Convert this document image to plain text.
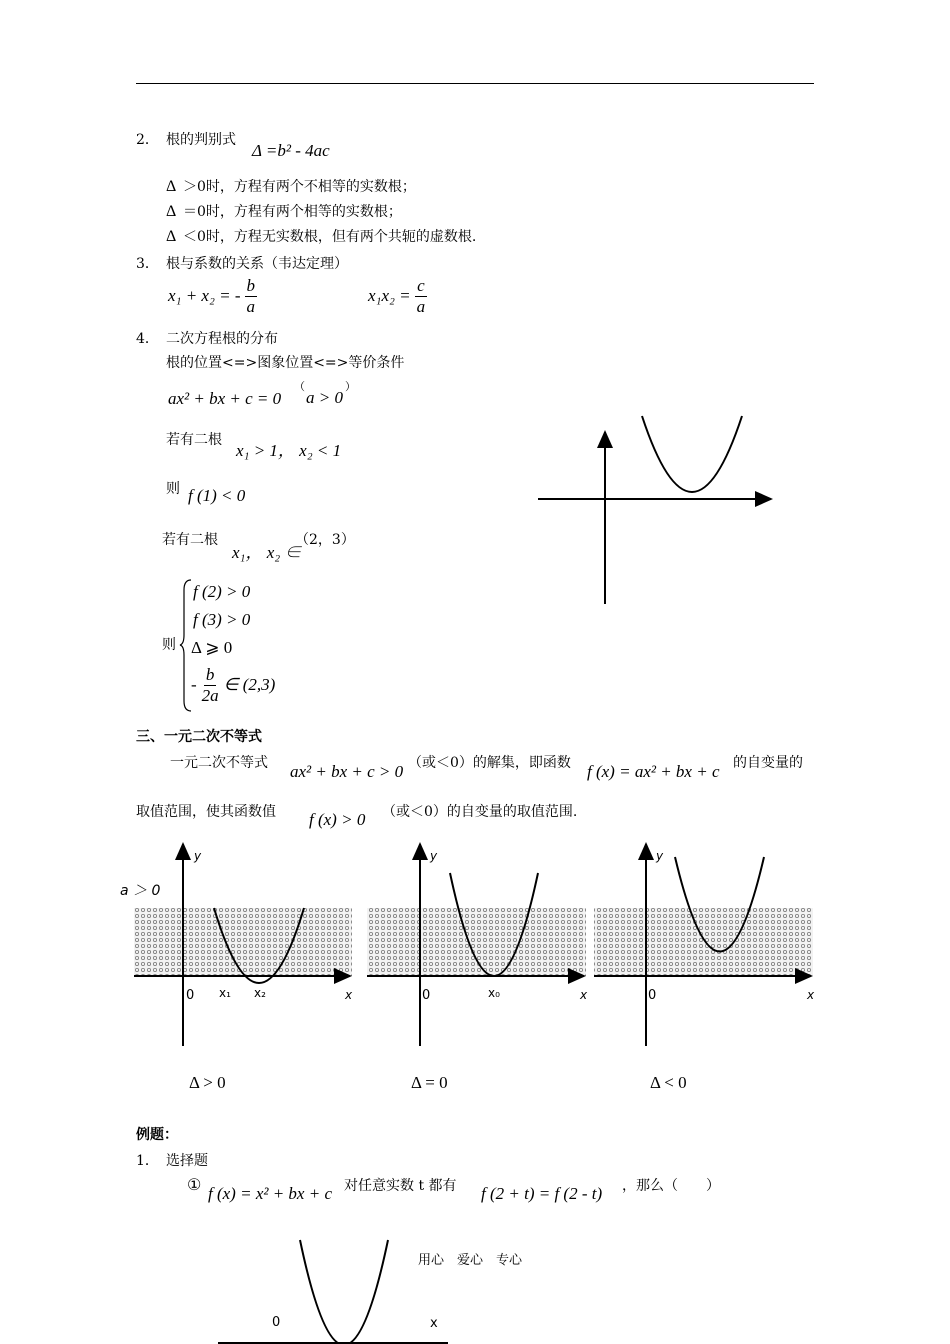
2． 根的判别式
Δ =b² - 4ac
Δ ＞0时，方程有两个不相等的实数根；
Δ ＝0时，方程有两个相等的实数根；
Δ ＜0时，方程无实数根，但有两个共轭的虚数根.
3． 根与系数的关系（韦达定理）
x₁ + x₂ = - $\frac{b}{a}$	$x_1x_2 = \frac{c}{a}$
4． 二次方程根的分布
根的位置<=>图象位置<=>等价条件
ax² + bx + c = 0
（
a > 0
）
若有二根
x₁ > 1， x₂ < 1
则 f (1) < 0
若有二根
x₁， x₂ ∈
（2，3）
则
f (2) > 0
f (3) > 0
Δ ⩾ 0
- $\frac{b}{2a}$ ∈ (2,3)
三、一元二次不等式
一元二次不等式 ax² + bx + c > 0 （或＜0）的解集，即函数 f (x) = ax² + bx + c 的自变量的
取值范围，使其函数值 f (x) > 0 （或＜0）的自变量的取值范围.
a ＞ 0
y
x
0 x₁ x₂
y
x
0	x₀
y
x
0
Δ > 0	Δ = 0	Δ < 0
例题：
1． 选择题
① f (x) = x² + bx + c 对任意实数 t 都有 f (2 + t) = f (2 - t) ，那么（　　）
用心　爱心　专心
0	x
